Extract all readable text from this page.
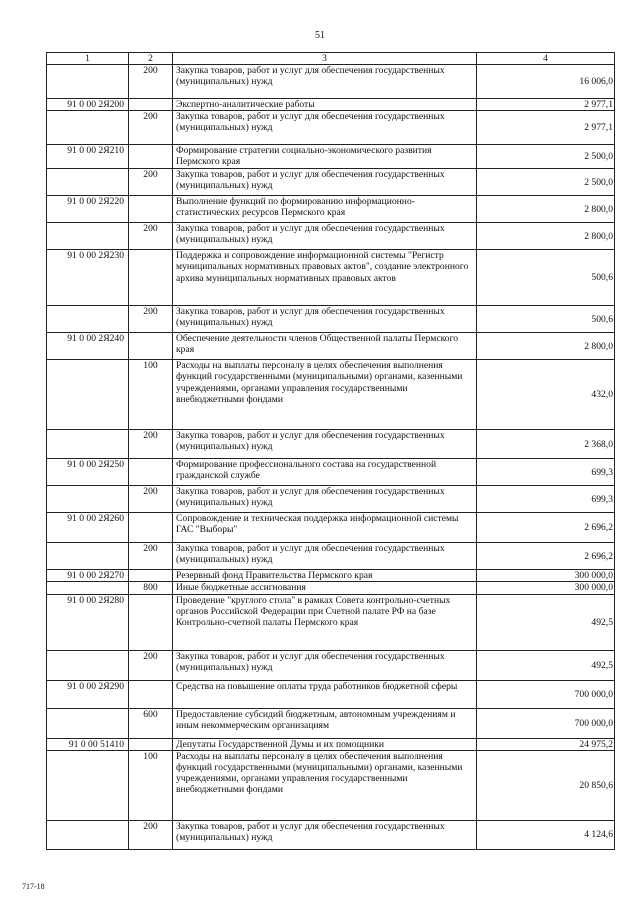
51
1	2	3	4
	200	Закупка товаров, работ и услуг для обеспечения государственных (муниципальных) нужд	16 006,0
91 0 00 2Я200		Экспертно-аналитические работы	2 977,1
	200	Закупка товаров, работ и услуг для обеспечения государственных (муниципальных) нужд	2 977,1
91 0 00 2Я210		Формирование стратегии социально-экономического развития Пермского края	2 500,0
	200	Закупка товаров, работ и услуг для обеспечения государственных (муниципальных) нужд	2 500,0
91 0 00 2Я220		Выполнение функций по формированию информационно-статистических ресурсов Пермского края	2 800,0
	200	Закупка товаров, работ и услуг для обеспечения государственных (муниципальных) нужд	2 800,0
91 0 00 2Я230		Поддержка и сопровождение информационной системы "Регистр муниципальных нормативных правовых актов", создание электронного архива муниципальных нормативных правовых актов	500,6
	200	Закупка товаров, работ и услуг для обеспечения государственных (муниципальных) нужд	500,6
91 0 00 2Я240		Обеспечение деятельности членов Общественной палаты Пермского края	2 800,0
	100	Расходы на выплаты персоналу в целях обеспечения выполнения функций государственными (муниципальными) органами, казенными учреждениями, органами управления государственными внебюджетными фондами	432,0
	200	Закупка товаров, работ и услуг для обеспечения государственных (муниципальных) нужд	2 368,0
91 0 00 2Я250		Формирование профессионального состава на государственной гражданской службе	699,3
	200	Закупка товаров, работ и услуг для обеспечения государственных (муниципальных) нужд	699,3
91 0 00 2Я260		Сопровождение и техническая поддержка информационной системы ГАС "Выборы"	2 696,2
	200	Закупка товаров, работ и услуг для обеспечения государственных (муниципальных) нужд	2 696,2
91 0 00 2Я270		Резервный фонд Правительства Пермского края	300 000,0
	800	Иные бюджетные ассигнования	300 000,0
91 0 00 2Я280		Проведение "круглого стола" в рамках Совета контрольно-счетных органов Российской Федерации при Счетной палате РФ на базе Контрольно-счетной палаты Пермского края	492,5
	200	Закупка товаров, работ и услуг для обеспечения государственных (муниципальных) нужд	492,5
91 0 00 2Я290		Средства на повышение оплаты труда работников бюджетной сферы	700 000,0
	600	Предоставление субсидий бюджетным, автономным учреждениям и иным некоммерческим организациям	700 000,0
91 0 00 51410		Депутаты Государственной Думы и их помощники	24 975,2
	100	Расходы на выплаты персоналу в целях обеспечения выполнения функций государственными (муниципальными) органами, казенными учреждениями, органами управления государственными внебюджетными фондами	20 850,6
	200	Закупка товаров, работ и услуг для обеспечения государственных (муниципальных) нужд	4 124,6
717-18
